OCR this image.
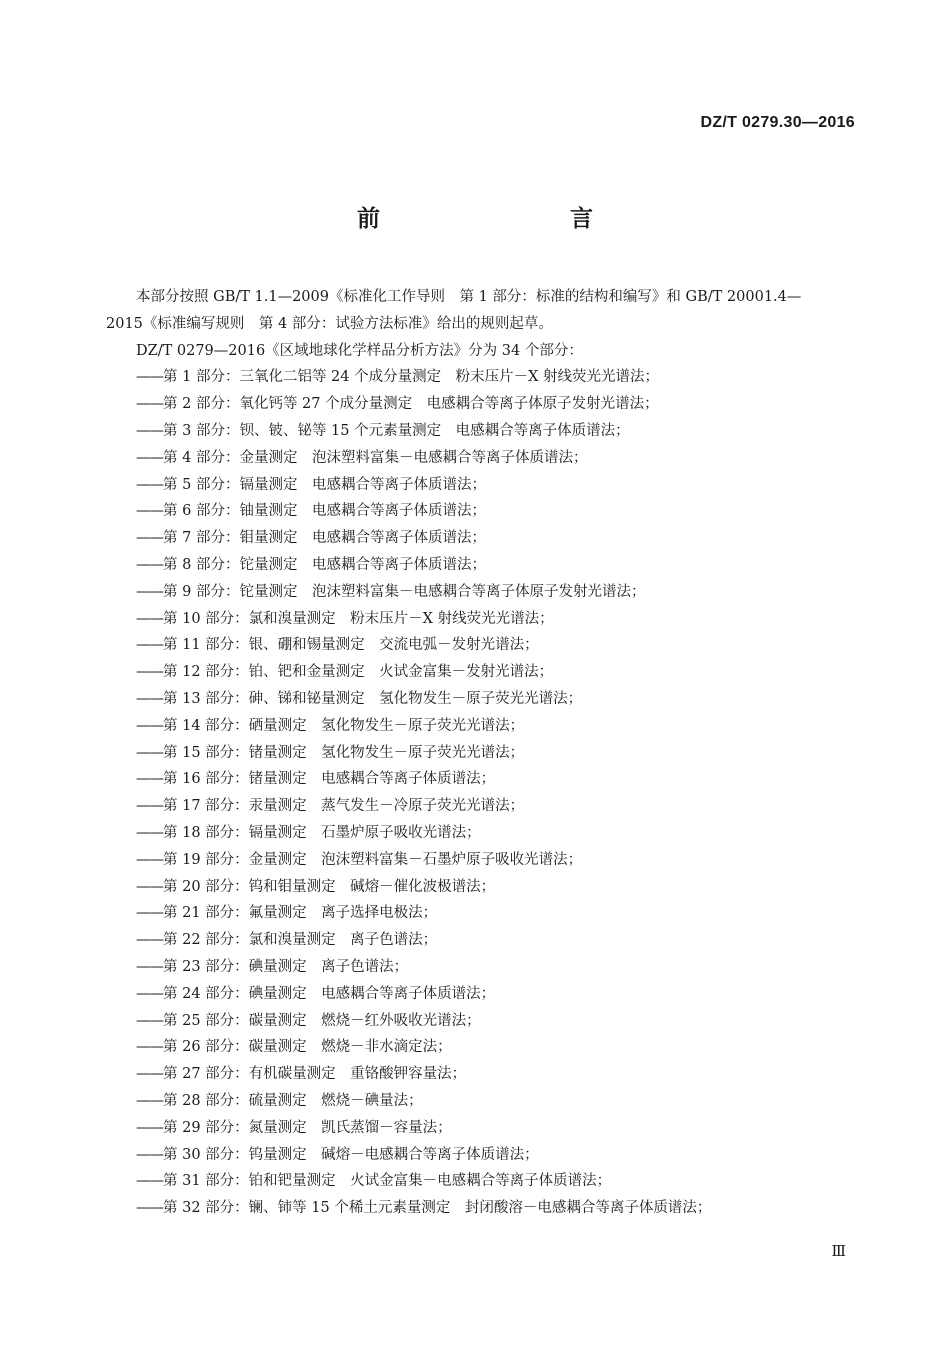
DZ/T 0279.30—2016
前　　言

本部分按照 GB/T 1.1—2009《标准化工作导则　第 1 部分：标准的结构和编写》和 GB/T 20001.4—

2015《标准编写规则　第 4 部分：试验方法标准》给出的规则起草。

DZ/T 0279—2016《区域地球化学样品分析方法》分为 34 个部分：

—— 第 1 部分：三氧化二铝等 24 个成分量测定　粉末压片－X 射线荧光光谱法；
—— 第 2 部分：氧化钙等 27 个成分量测定　电感耦合等离子体原子发射光谱法；
—— 第 3 部分：钡、铍、铋等 15 个元素量测定　电感耦合等离子体质谱法；
—— 第 4 部分：金量测定　泡沫塑料富集－电感耦合等离子体质谱法；
—— 第 5 部分：镉量测定　电感耦合等离子体质谱法；
—— 第 6 部分：铀量测定　电感耦合等离子体质谱法；
—— 第 7 部分：钼量测定　电感耦合等离子体质谱法；
—— 第 8 部分：铊量测定　电感耦合等离子体质谱法；
—— 第 9 部分：铊量测定　泡沫塑料富集－电感耦合等离子体原子发射光谱法；
—— 第 10 部分：氯和溴量测定　粉末压片－X 射线荧光光谱法；
—— 第 11 部分：银、硼和锡量测定　交流电弧－发射光谱法；
—— 第 12 部分：铂、钯和金量测定　火试金富集－发射光谱法；
—— 第 13 部分：砷、锑和铋量测定　氢化物发生－原子荧光光谱法；
—— 第 14 部分：硒量测定　氢化物发生－原子荧光光谱法；
—— 第 15 部分：锗量测定　氢化物发生－原子荧光光谱法；
—— 第 16 部分：锗量测定　电感耦合等离子体质谱法；
—— 第 17 部分：汞量测定　蒸气发生－冷原子荧光光谱法；
—— 第 18 部分：镉量测定　石墨炉原子吸收光谱法；
—— 第 19 部分：金量测定　泡沫塑料富集－石墨炉原子吸收光谱法；
—— 第 20 部分：钨和钼量测定　碱熔－催化波极谱法；
—— 第 21 部分：氟量测定　离子选择电极法；
—— 第 22 部分：氯和溴量测定　离子色谱法；
—— 第 23 部分：碘量测定　离子色谱法；
—— 第 24 部分：碘量测定　电感耦合等离子体质谱法；
—— 第 25 部分：碳量测定　燃烧－红外吸收光谱法；
—— 第 26 部分：碳量测定　燃烧－非水滴定法；
—— 第 27 部分：有机碳量测定　重铬酸钾容量法；
—— 第 28 部分：硫量测定　燃烧－碘量法；
—— 第 29 部分：氮量测定　凯氏蒸馏－容量法；
—— 第 30 部分：钨量测定　碱熔－电感耦合等离子体质谱法；
—— 第 31 部分：铂和钯量测定　火试金富集－电感耦合等离子体质谱法；
—— 第 32 部分：镧、铈等 15 个稀土元素量测定　封闭酸溶－电感耦合等离子体质谱法；
Ⅲ
